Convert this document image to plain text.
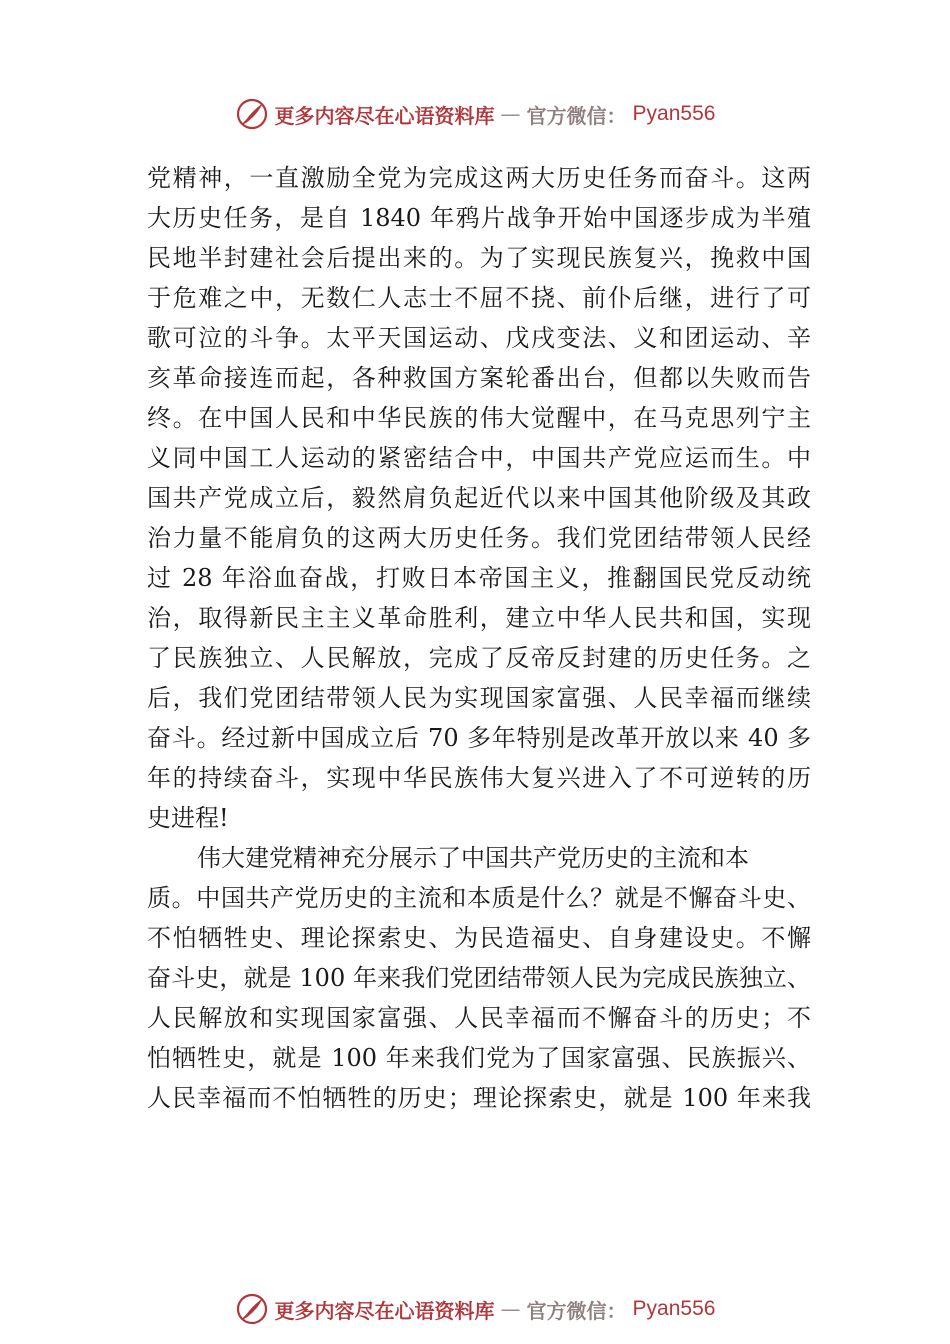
更多内容尽在心语资料库 — 官方微信： Pyan556
党精神，一直激励全党为完成这两大历史任务而奋斗。这两
大历史任务，是自 1840 年鸦片战争开始中国逐步成为半殖
民地半封建社会后提出来的。为了实现民族复兴，挽救中国
于危难之中，无数仁人志士不屈不挠、前仆后继，进行了可
歌可泣的斗争。太平天国运动、戊戌变法、义和团运动、辛
亥革命接连而起，各种救国方案轮番出台，但都以失败而告
终。在中国人民和中华民族的伟大觉醒中，在马克思列宁主
义同中国工人运动的紧密结合中，中国共产党应运而生。中
国共产党成立后，毅然肩负起近代以来中国其他阶级及其政
治力量不能肩负的这两大历史任务。我们党团结带领人民经
过 28 年浴血奋战，打败日本帝国主义，推翻国民党反动统
治，取得新民主主义革命胜利，建立中华人民共和国，实现
了民族独立、人民解放，完成了反帝反封建的历史任务。之
后，我们党团结带领人民为实现国家富强、人民幸福而继续
奋斗。经过新中国成立后 70 多年特别是改革开放以来 40 多
年的持续奋斗，实现中华民族伟大复兴进入了不可逆转的历
史进程!
伟大建党精神充分展示了中国共产党历史的主流和本
质。中国共产党历史的主流和本质是什么？就是不懈奋斗史、
不怕牺牲史、理论探索史、为民造福史、自身建设史。不懈
奋斗史，就是 100 年来我们党团结带领人民为完成民族独立、
人民解放和实现国家富强、人民幸福而不懈奋斗的历史；不
怕牺牲史，就是 100 年来我们党为了国家富强、民族振兴、
人民幸福而不怕牺牲的历史；理论探索史，就是 100 年来我
更多内容尽在心语资料库 — 官方微信： Pyan556
